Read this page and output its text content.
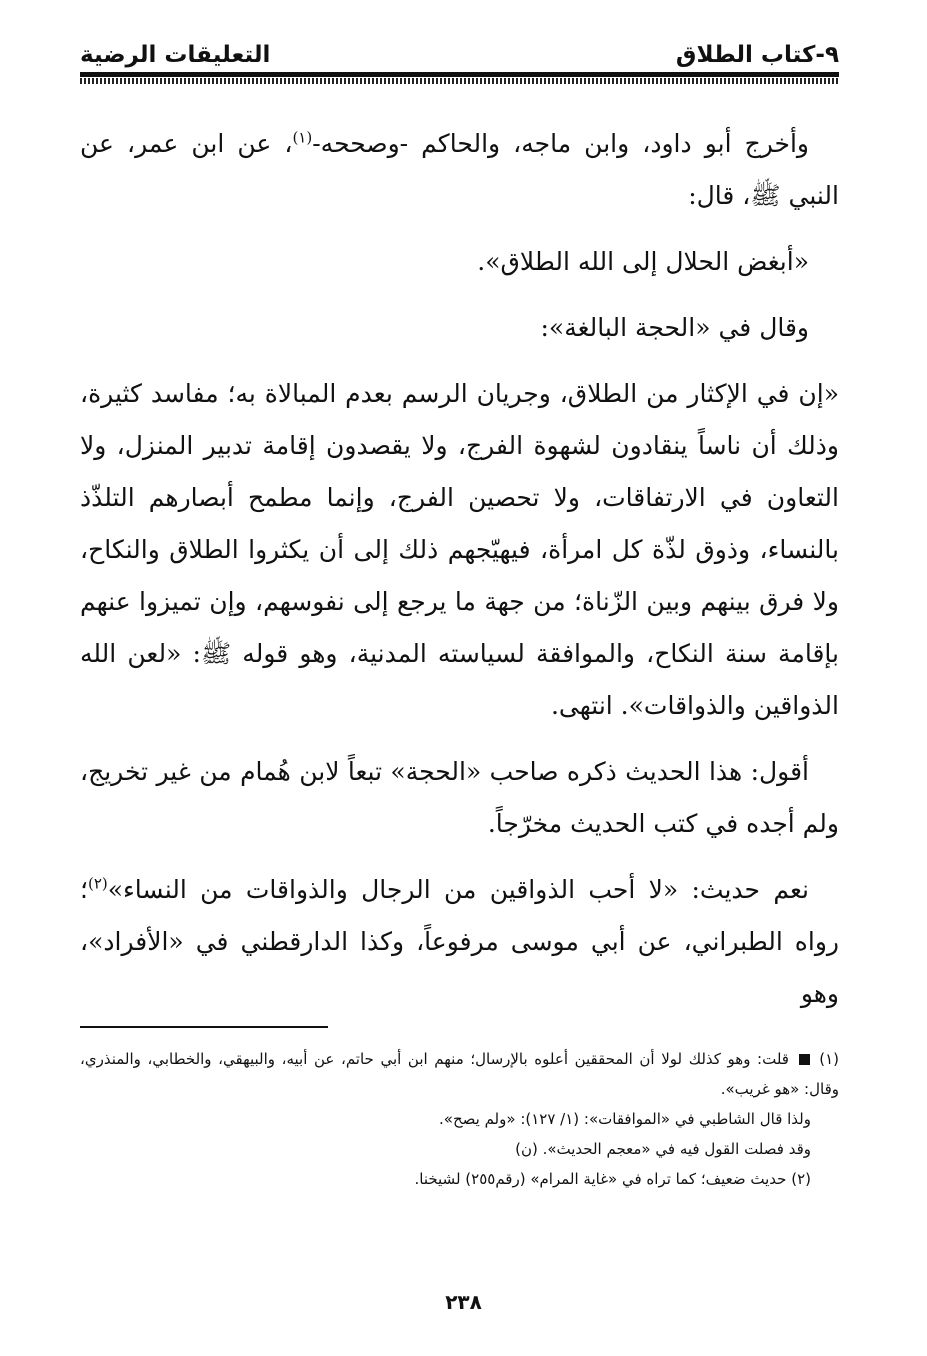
٩-كتاب الطلاق
التعليقات الرضية

وأخرج أبو داود، وابن ماجه، والحاكم -وصححه-$^{(١)}$، عن ابن عمر، عن النبي ﷺ، قال:

«أبغض الحلال إلى الله الطلاق».

وقال في «الحجة البالغة»:

«إن في الإكثار من الطلاق، وجريان الرسم بعدم المبالاة به؛ مفاسد كثيرة، وذلك أن ناساً ينقادون لشهوة الفرج، ولا يقصدون إقامة تدبير المنزل، ولا التعاون في الارتفاقات، ولا تحصين الفرج، وإنما مطمح أبصارهم التلذّذ بالنساء، وذوق لذّة كل امرأة، فيهيّجهم ذلك إلى أن يكثروا الطلاق والنكاح، ولا فرق بينهم وبين الزّناة؛ من جهة ما يرجع إلى نفوسهم، وإن تميزوا عنهم بإقامة سنة النكاح، والموافقة لسياسته المدنية، وهو قوله ﷺ: «لعن الله الذواقين والذواقات». انتهى.

أقول: هذا الحديث ذكره صاحب «الحجة» تبعاً لابن هُمام من غير تخريج، ولم أجده في كتب الحديث مخرّجاً.

نعم حديث: «لا أحب الذواقين من الرجال والذواقات من النساء»$^{(٢)}$؛ رواه الطبراني، عن أبي موسى مرفوعاً، وكذا الدارقطني في «الأفراد»، وهو

(١)  قلت: وهو كذلك لولا أن المحققين أعلوه بالإرسال؛ منهم ابن أبي حاتم، عن أبيه، والبيهقي، والخطابي، والمنذري، وقال: «هو غريب».

ولذا قال الشاطبي في «الموافقات»: (١/ ١٢٧): «ولم يصح».

وقد فصلت القول فيه في «معجم الحديث». (ن)

(٢) حديث ضعيف؛ كما تراه في «غاية المرام» (رقم٢٥٥) لشيخنا.

٢٣٨
